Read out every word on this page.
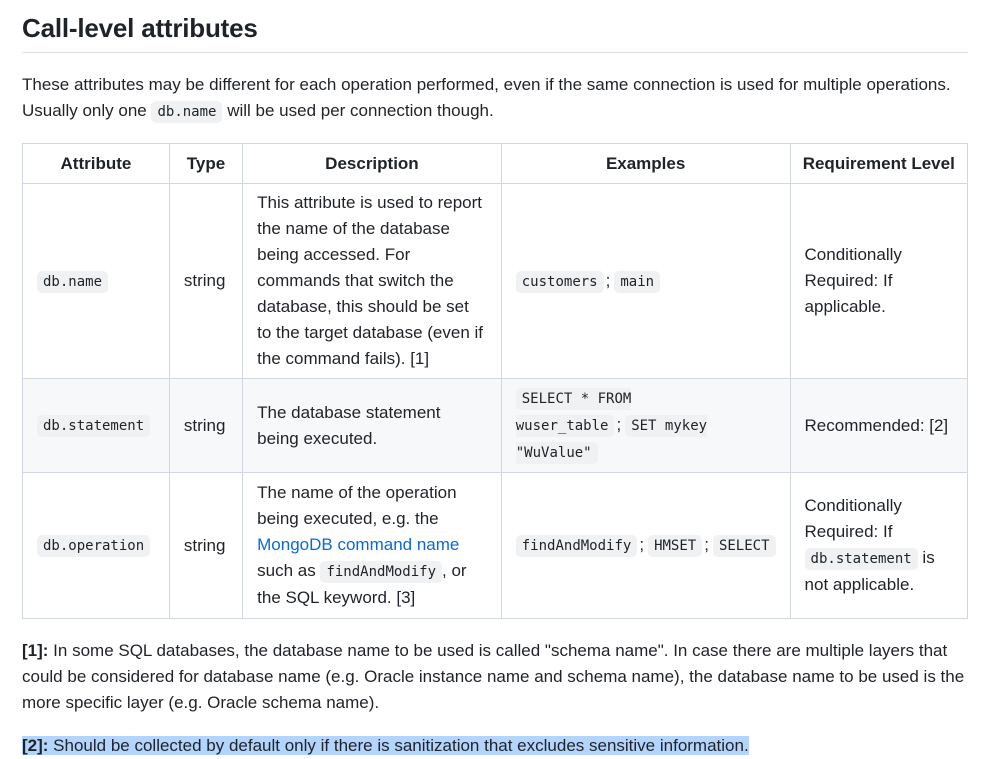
Call-level attributes

These attributes may be different for each operation performed, even if the same connection is used for multiple operations. Usually only one db.name will be used per connection though.

Attribute	Type	Description	Examples	Requirement Level
db.name	string	This attribute is used to report the name of the database being accessed. For commands that switch the database, this should be set to the target database (even if the command fails). [1]	customers ; main	Conditionally Required: If applicable.
db.statement	string	The database statement being executed.	SELECT * FROM wuser_table ; SET mykey "WuValue"	Recommended: [2]
db.operation	string	The name of the operation being executed, e.g. the MongoDB command name such as findAndModify , or the SQL keyword. [3]	findAndModify ; HMSET ; SELECT	Conditionally Required: If db.statement is not applicable.

[1]: In some SQL databases, the database name to be used is called "schema name". In case there are multiple layers that could be considered for database name (e.g. Oracle instance name and schema name), the database name to be used is the more specific layer (e.g. Oracle schema name).

[2]: Should be collected by default only if there is sanitization that excludes sensitive information.
